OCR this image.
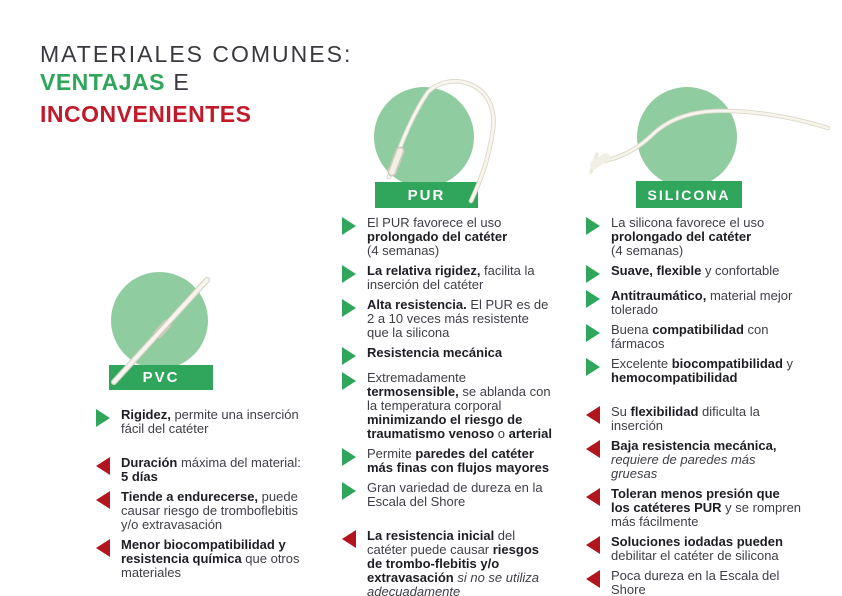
MATERIALES COMUNES:
VENTAJAS E
INCONVENIENTES
PVC
PUR	SILICONA

Rigidez, permite una inserción fácil del catéter

Duración máxima del material:
5 días

Tiende a endurecerse, puede causar riesgo de tromboflebitis y/o extravasación

Menor biocompatibilidad y resistencia química que otros materiales

El PUR favorece el uso prolongado del catéter
(4 semanas)

La relativa rigidez, facilita la inserción del catéter

Alta resistencia. El PUR es de 2 a 10 veces más resistente que la silicona

Resistencia mecánica

Extremadamente termosensible, se ablanda con la temperatura corporal minimizando el riesgo de traumatismo venoso o arterial

Permite paredes del catéter más finas con flujos mayores

Gran variedad de dureza en la Escala del Shore

La resistencia inicial del catéter puede causar riesgos de trombo-flebitis y/o extravasación si no se utiliza adecuadamente

La silicona favorece el uso prolongado del catéter
(4 semanas)

Suave, flexible y confortable

Antitraumático, material mejor tolerado

Buena compatibilidad con fármacos

Excelente biocompatibilidad y hemocompatibilidad

Su flexibilidad dificulta la inserción

Baja resistencia mecánica, requiere de paredes más gruesas

Toleran menos presión que los catéteres PUR y se rompren más fácilmente

Soluciones iodadas pueden debilitar el catéter de silicona

Poca dureza en la Escala del Shore
